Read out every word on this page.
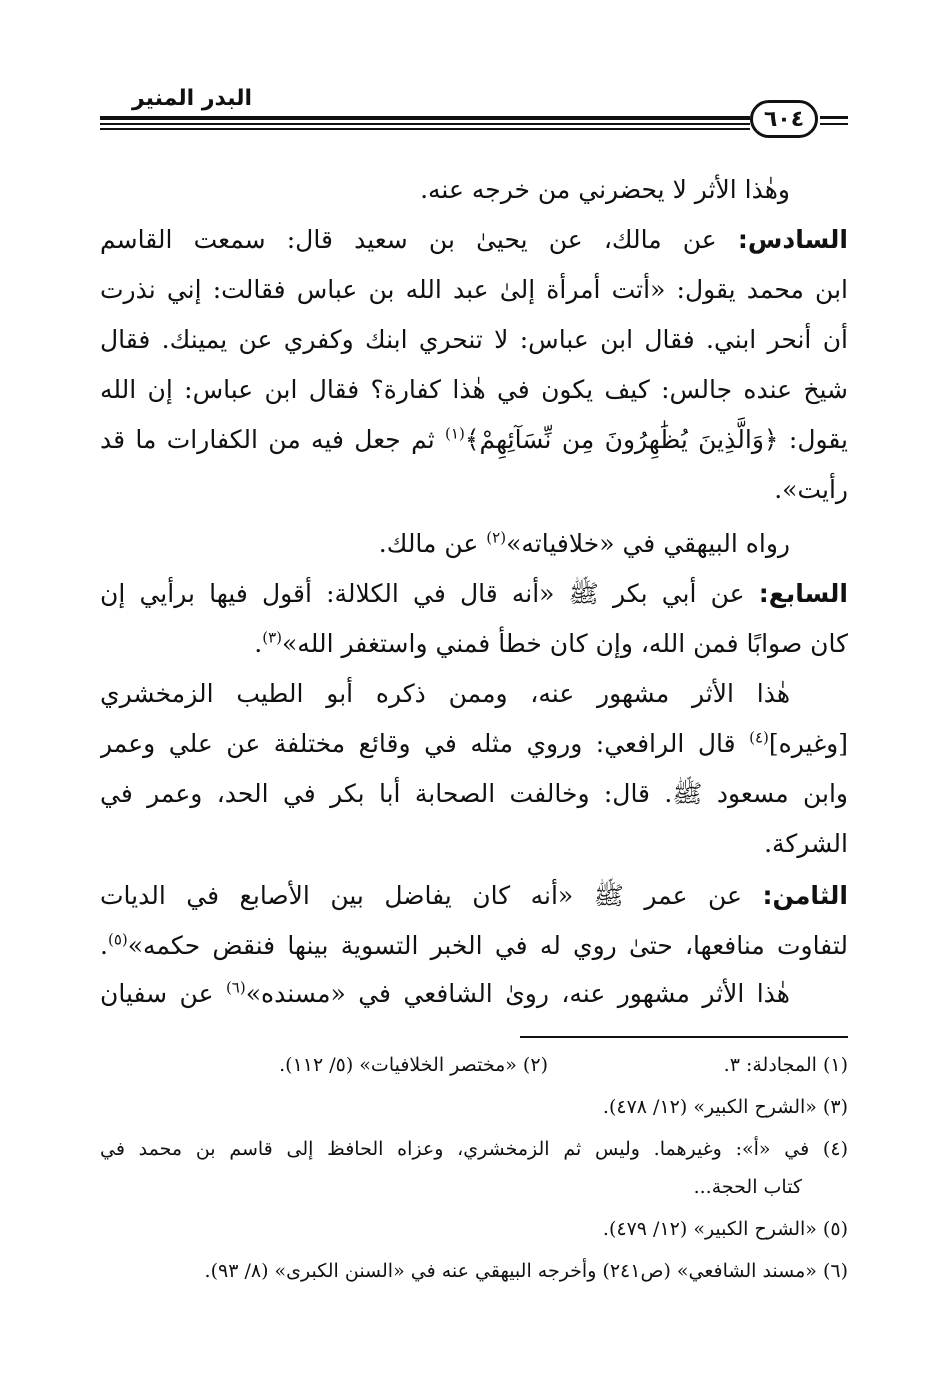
البدر المنير
٦٠٤
وهٰذا الأثر لا يحضرني من خرجه عنه.
السادس: عن مالك، عن يحيىٰ بن سعيد قال: سمعت القاسم
ابن محمد يقول: «أتت أمرأة إلىٰ عبد الله بن عباس فقالت: إني نذرت
أن أنحر ابني. فقال ابن عباس: لا تنحري ابنك وكفري عن يمينك. فقال
شيخ عنده جالس: كيف يكون في هٰذا كفارة؟ فقال ابن عباس: إن الله
يقول: ﴿وَالَّذِينَ يُظَٰهِرُونَ مِن نِّسَآئِهِمْ﴾$^{(١)}$ ثم جعل فيه من الكفارات ما قد
رأيت».
رواه البيهقي في «خلافياته»$^{(٢)}$ عن مالك.
السابع: عن أبي بكر ﷺ «أنه قال في الكلالة: أقول فيها برأيي إن
كان صوابًا فمن الله، وإن كان خطأ فمني واستغفر الله»$^{(٣)}$.
هٰذا الأثر مشهور عنه، وممن ذكره أبو الطيب الزمخشري
[وغيره]$^{(٤)}$ قال الرافعي: وروي مثله في وقائع مختلفة عن علي وعمر
وابن مسعود ﷺ. قال: وخالفت الصحابة أبا بكر في الحد، وعمر في
الشركة.
الثامن: عن عمر ﷺ «أنه كان يفاضل بين الأصابع في الديات
لتفاوت منافعها، حتىٰ روي له في الخبر التسوية بينها فنقض حكمه»$^{(٥)}$.
هٰذا الأثر مشهور عنه، روىٰ الشافعي في «مسنده»$^{(٦)}$ عن سفيان
(١) المجادلة: ٣.(٢) «مختصر الخلافيات» (٥/ ١١٢).
(٣) «الشرح الكبير» (١٢/ ٤٧٨).
(٤) في «أ»: وغيرهما. وليس ثم الزمخشري، وعزاه الحافظ إلى قاسم بن محمد في
كتاب الحجة...
(٥) «الشرح الكبير» (١٢/ ٤٧٩).
(٦) «مسند الشافعي» (ص٢٤١) وأخرجه البيهقي عنه في «السنن الكبرى» (٨/ ٩٣).
